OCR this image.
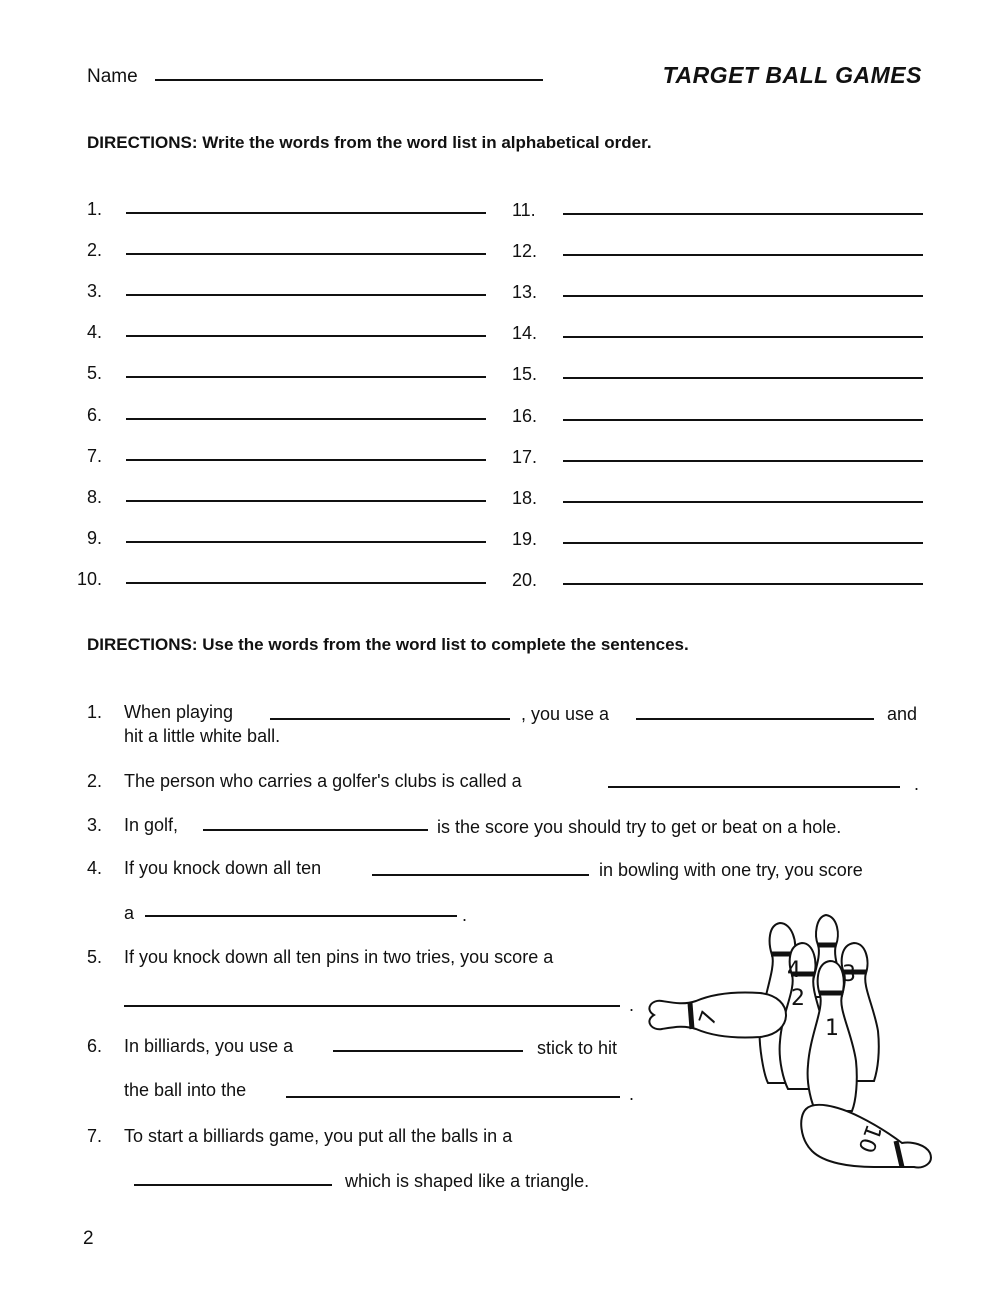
Name	TARGET BALL GAMES
DIRECTIONS: Write the words from the word list in alphabetical order.
1.	11.
2.	12.
3.	13.
4.	14.
5.	15.
6.	16.
7.	17.
8.	18.
9.	19.
10.	20.
DIRECTIONS: Use the words from the word list to complete the sentences.
1. When playing	, you use a	and
hit a little white ball.
2. The person who carries a golfer's clubs is called a	.
3. In golf,	is the score you should try to get or beat on a hole.
4. If you knock down all ten	in bowling with one try, you score
a	.
5. If you knock down all ten pins in two tries, you score a
.
6. In billiards, you use a	stick to hit
the ball into the	.
7. To start a billiards game, you put all the balls in a
which is shaped like a triangle.
4
2
3
1
7
10
2
